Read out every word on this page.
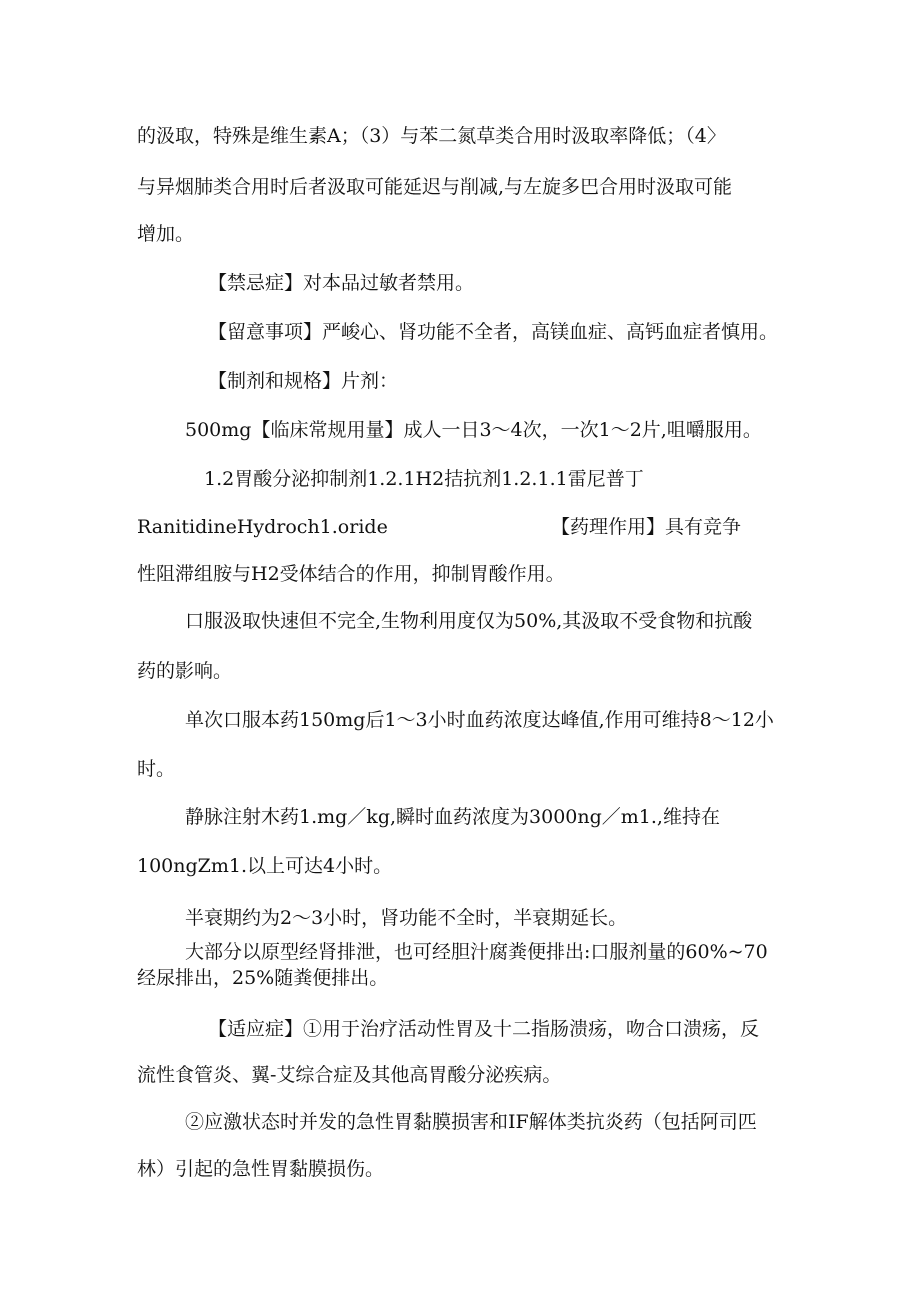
的汲取，特殊是维生素A；（3）与苯二氮草类合用时汲取率降低；（4〉
与异烟肺类合用时后者汲取可能延迟与削减,与左旋多巴合用时汲取可能
增加。
【禁忌症】对本品过敏者禁用。
【留意事项】严峻心、肾功能不全者，高镁血症、高钙血症者慎用。
【制剂和规格】片剂：
500mg【临床常规用量】成人一日3～4次，一次1～2片,咀嚼服用。
1.2胃酸分泌抑制剂1.2.1H2拮抗剂1.2.1.1雷尼普丁
RanitidineHydroch1.oride	【药理作用】具有竞争
性阻滞组胺与H2受体结合的作用，抑制胃酸作用。
口服汲取快速但不完全,生物利用度仅为50%,其汲取不受食物和抗酸
药的影响。
单次口服本药150mg后1～3小时血药浓度达峰值,作用可维持8～12小
时。
静脉注射木药1.mg／kg,瞬时血药浓度为3000ng／m1.,维持在
100ngZm1.以上可达4小时。
半衰期约为2～3小时，肾功能不全时，半衰期延长。
大部分以原型经肾排泄，也可经胆汁腐粪便排出:口服剂量的60%~70
经尿排出，25%随粪便排出。
【适应症】①用于治疗活动性胃及十二指肠溃疡，吻合口溃疡，反
流性食管炎、翼-艾综合症及其他高胃酸分泌疾病。
②应激状态时并发的急性胃黏膜损害和IF解体类抗炎药（包括阿司匹
林）引起的急性胃黏膜损伤。
